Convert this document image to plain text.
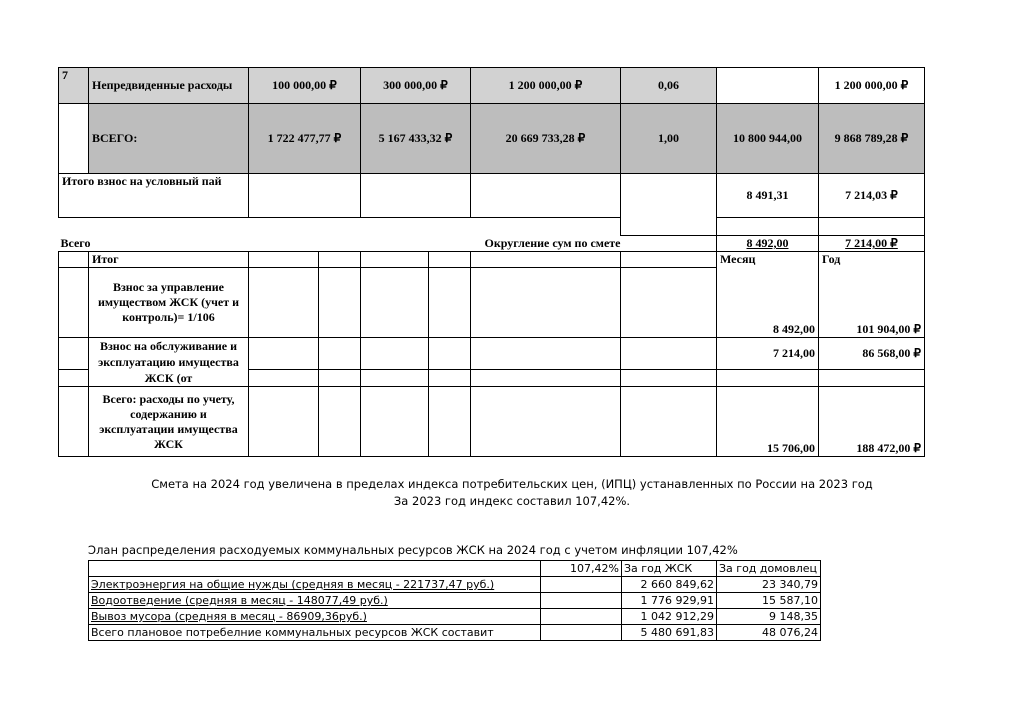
7	Непредвиденные расходы	100 000,00 ₽		300 000,00 ₽		1 200 000,00 ₽	0,06		1 200 000,00 ₽
	ВСЕГО:	1 722 477,77 ₽		5 167 433,32 ₽		20 669 733,28 ₽	1,00	10 800 944,00	9 868 789,28 ₽
Итого взнос на условный пай								8 491,31	7 214,03 ₽

Всего		Округление сум по смете						8 492,00	7 214,00 ₽
	Итог							Месяц	Год
	Взнос за управление имуществом ЖСК (учет и контроль)= 1/106							8 492,00	101 904,00 ₽
	Взнос на обслуживание и эксплуатацию имущества ЖСК (от							7 214,00	86 568,00 ₽

	Всего: расходы по учету, содержанию и эксплуатации имущества ЖСК							15 706,00	188 472,00 ₽
Смета на 2024 год увеличена в пределах индекса потребительских цен, (ИПЦ) устанавленных по России на 2023 год
За 2023 год индекс составил 107,42%.
Ͻлан распределения расходуемых коммунальных ресурсов ЖСК на 2024 год с учетом инфляции 107,42%
	107,42%	За год ЖСК	За год домовлец
Электроэнергия на общие нужды (средняя в месяц - 221737,47 руб.)		2 660 849,62	23 340,79
Водоотведение (средняя в месяц - 148077,49 руб.)		1 776 929,91	15 587,10
Вывоз мусора (средняя в месяц - 86909,36руб.)		1 042 912,29	9 148,35
Всего плановое потребелние коммунальных ресурсов ЖСК составит		5 480 691,83	48 076,24
